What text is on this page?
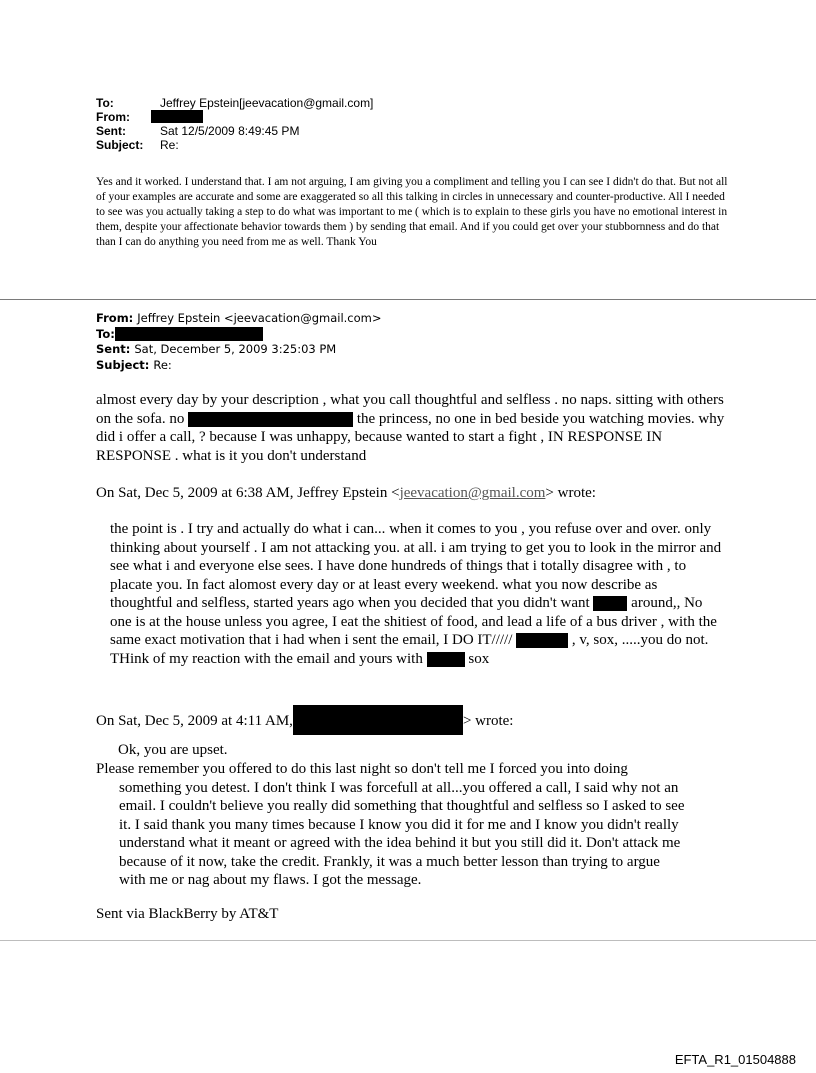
To:	Jeffrey Epstein[jeevacation@gmail.com]
From:
Sent:	Sat 12/5/2009 8:49:45 PM
Subject:	Re:
Yes and it worked. I understand that. I am not arguing, I am giving you a compliment and telling you I can see I didn't do that. But not all of your examples are accurate and some are exaggerated so all this talking in circles in unnecessary and counter-productive. All I needed to see was you actually taking a step to do what was important to me ( which is to explain to these girls you have no emotional interest in them, despite your affectionate behavior towards them ) by sending that email. And if you could get over your stubbornness and do that than I can do anything you need from me as well. Thank You
From: Jeffrey Epstein <jeevacation@gmail.com>
To:
Sent: Sat, December 5, 2009 3:25:03 PM
Subject: Re:
almost every day by your description , what you call thoughtful and selfless . no naps. sitting with others on the sofa. no	the princess, no one in bed beside you watching movies. why did i offer a call, ? because I was unhappy, because wanted to start a fight , IN RESPONSE IN RESPONSE . what is it you don't understand
On Sat, Dec 5, 2009 at 6:38 AM, Jeffrey Epstein <jeevacation@gmail.com> wrote:
the point is . I try and actually do what i can... when it comes to you , you refuse over and over. only thinking about yourself . I am not attacking you. at all. i am trying to get you to look in the mirror and see what i and everyone else sees. I have done hundreds of things that i totally disagree with , to placate you. In fact alomost every day or at least every weekend. what you now describe as thoughtful and selfless, started years ago when you decided that you didn't want	around,, No one is at the house unless you agree, I eat the shitiest of food, and lead a life of a bus driver , with the same exact motivation that i had when i sent the email, I DO IT/////	, v, sox, .....you do not. THink of my reaction with the email and yours with	sox
On Sat, Dec 5, 2009 at 4:11 AM,	> wrote:
Ok, you are upset.
Please remember you offered to do this last night so don't tell me I forced you into doing
something you detest. I don't think I was forcefull at all...you offered a call, I said why not an
email. I couldn't believe you really did something that thoughtful and selfless so I asked to see
it. I said thank you many times because I know you did it for me and I know you didn't really
understand what it meant or agreed with the idea behind it but you still did it. Don't attack me
because of it now, take the credit. Frankly, it was a much better lesson than trying to argue
with me or nag about my flaws. I got the message.
Sent via BlackBerry by AT&T
EFTA_R1_01504888
